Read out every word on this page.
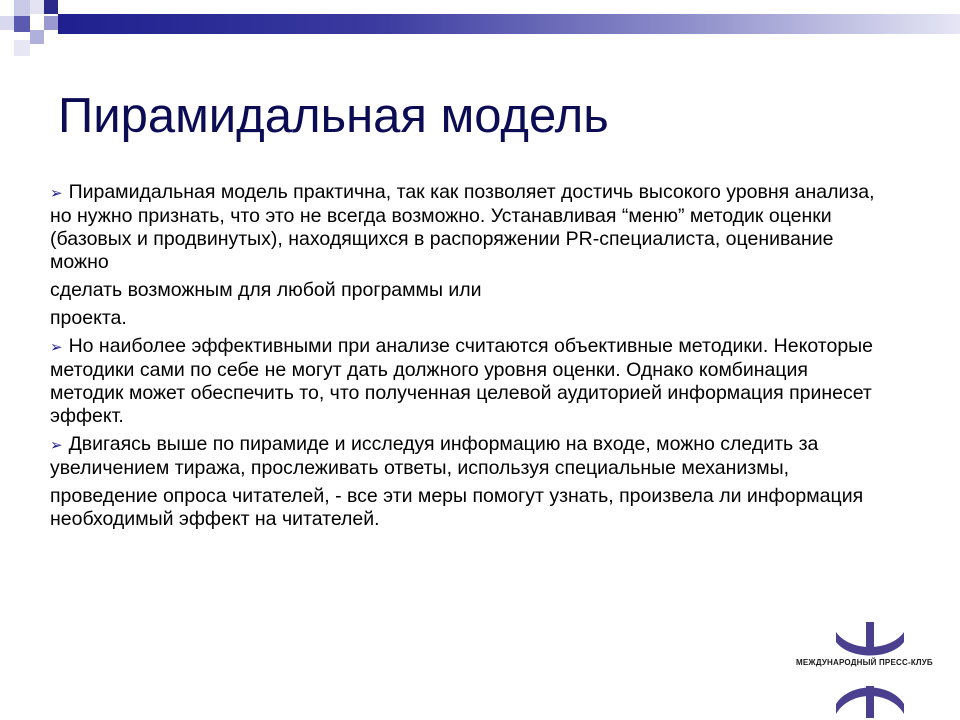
Пирамидальная модель

➢ Пирамидальная модель практична, так как позволяет достичь высокого уровня анализа, но нужно признать, что это не всегда возможно. Устанавливая “меню” методик оценки (базовых и продвинутых), находящихся в распоряжении PR-специалиста, оценивание можно

сделать возможным для любой программы или

проекта.

➢ Но наиболее эффективными при анализе считаются объективные методики. Некоторые методики сами по себе не могут дать должного уровня оценки. Однако комбинация методик может обеспечить то, что полученная целевой аудиторией информация принесет эффект.

➢ Двигаясь выше по пирамиде и исследуя информацию на входе, можно следить за увеличением тиража, прослеживать ответы, используя специальные механизмы,

проведение опроса читателей, - все эти меры помогут узнать, произвела ли информация необходимый эффект на читателей.

МЕЖДУНАРОДНЫЙ ПРЕСС-КЛУБ
